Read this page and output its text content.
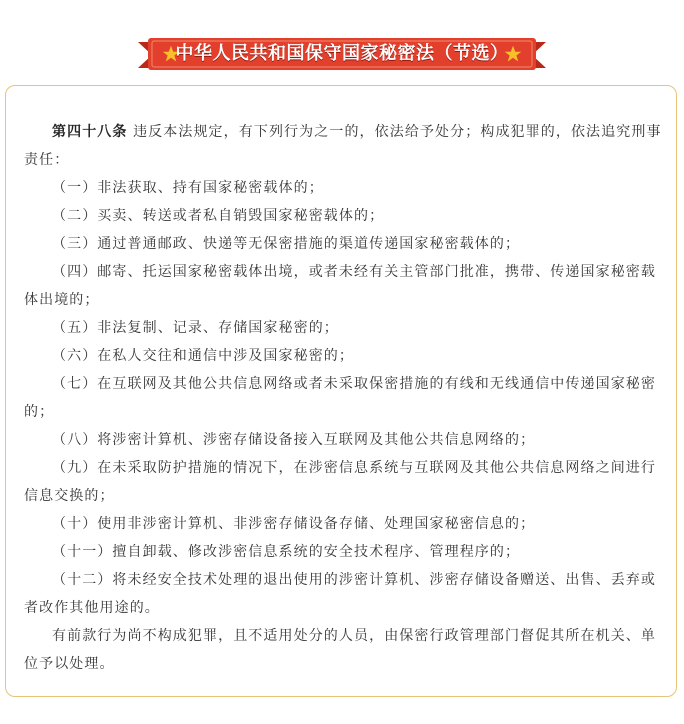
中华人民共和国保守国家秘密法（节选）

第四十八条 违反本法规定，有下列行为之一的，依法给予处分；构成犯罪的，依法追究刑事责任：

（一）非法获取、持有国家秘密载体的；

（二）买卖、转送或者私自销毁国家秘密载体的；

（三）通过普通邮政、快递等无保密措施的渠道传递国家秘密载体的；

（四）邮寄、托运国家秘密载体出境，或者未经有关主管部门批准，携带、传递国家秘密载体出境的；

（五）非法复制、记录、存储国家秘密的；

（六）在私人交往和通信中涉及国家秘密的；

（七）在互联网及其他公共信息网络或者未采取保密措施的有线和无线通信中传递国家秘密的；

（八）将涉密计算机、涉密存储设备接入互联网及其他公共信息网络的；

（九）在未采取防护措施的情况下，在涉密信息系统与互联网及其他公共信息网络之间进行信息交换的；

（十）使用非涉密计算机、非涉密存储设备存储、处理国家秘密信息的；

（十一）擅自卸载、修改涉密信息系统的安全技术程序、管理程序的；

（十二）将未经安全技术处理的退出使用的涉密计算机、涉密存储设备赠送、出售、丢弃或者改作其他用途的。

有前款行为尚不构成犯罪，且不适用处分的人员，由保密行政管理部门督促其所在机关、单位予以处理。
